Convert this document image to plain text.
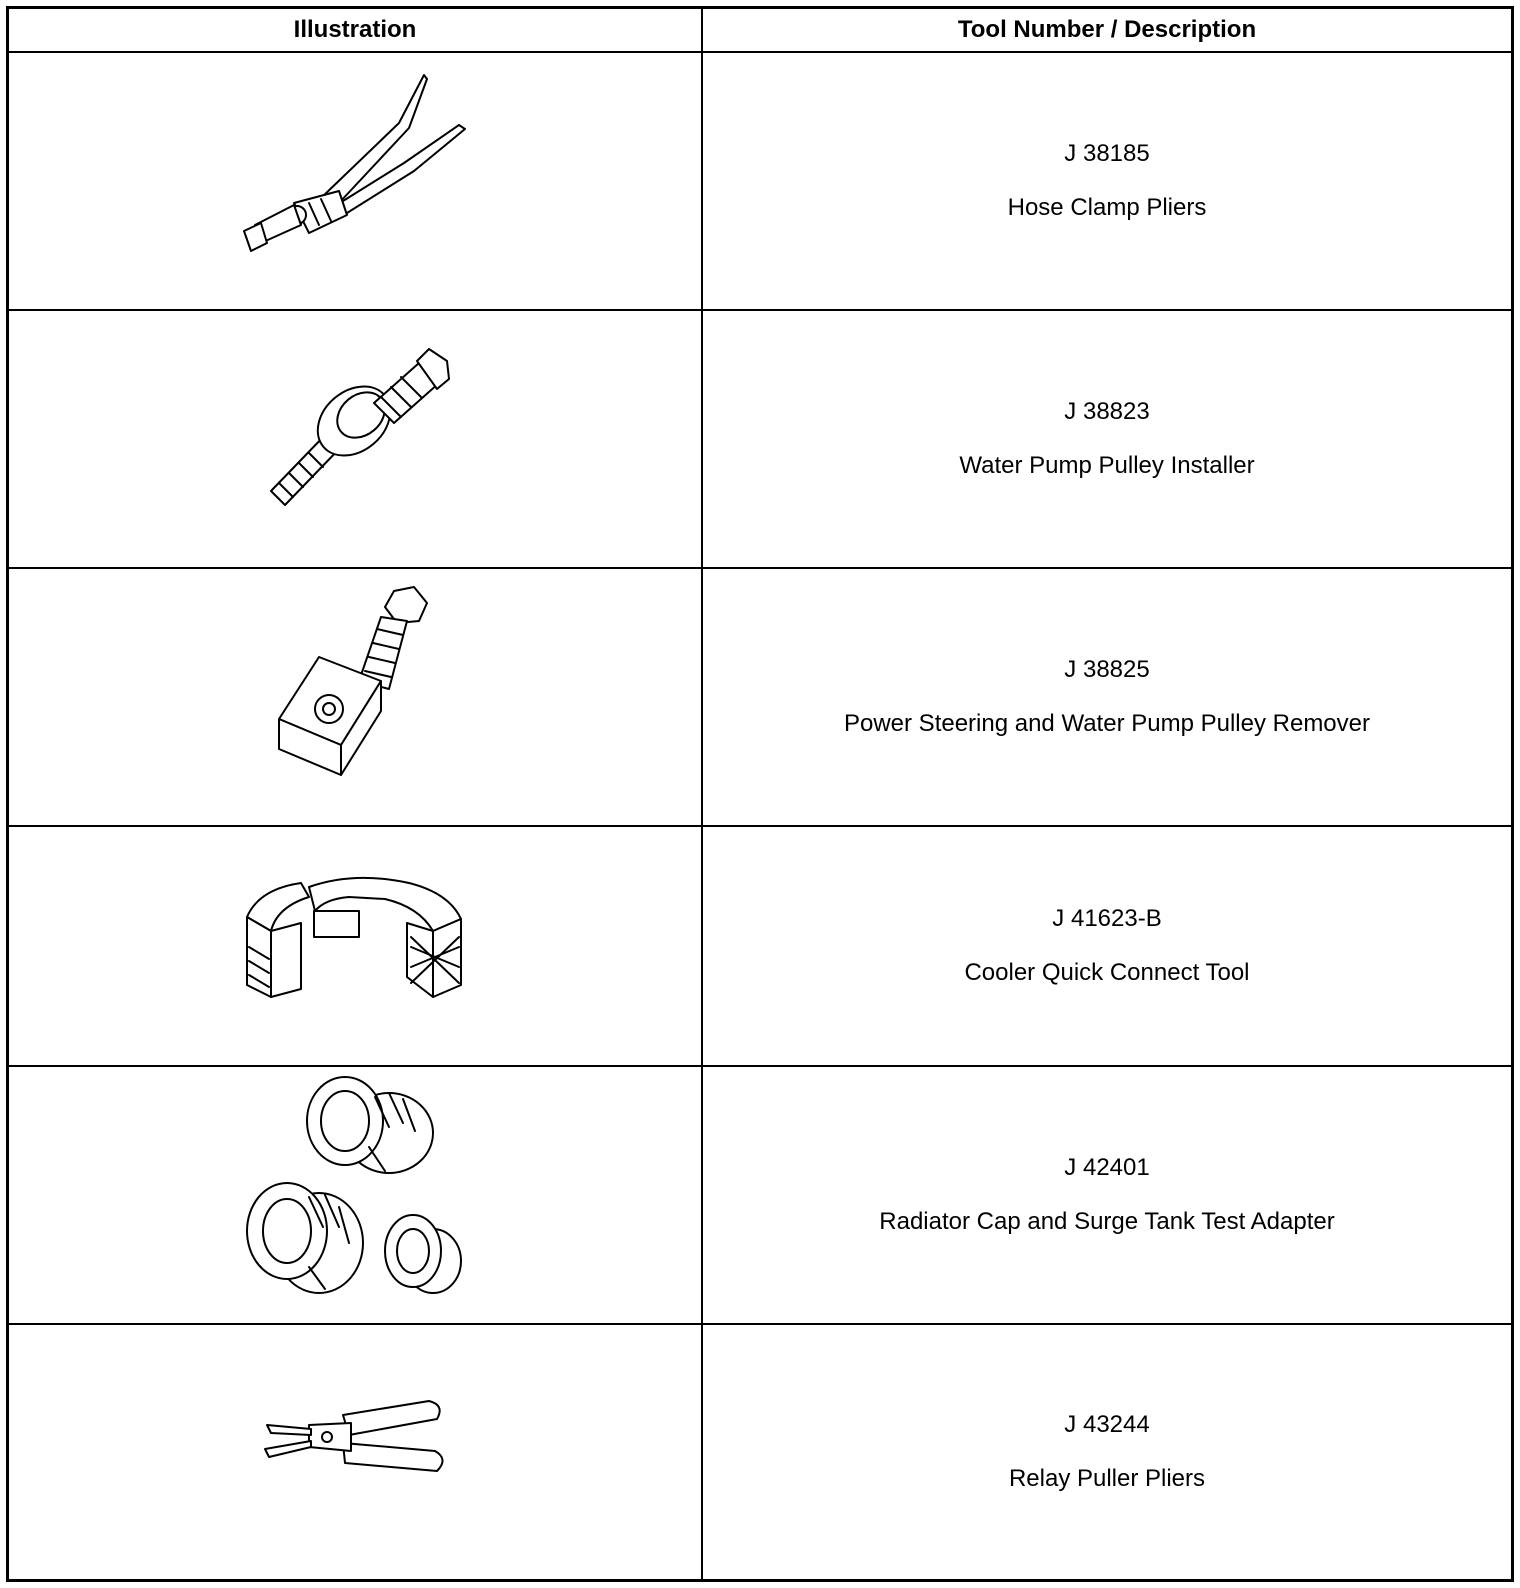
Illustration	Tool Number / Description
J 38185
Hose Clamp Pliers
J 38823
Water Pump Pulley Installer
J 38825
Power Steering and Water Pump Pulley Remover
J 41623-B
Cooler Quick Connect Tool
J 42401
Radiator Cap and Surge Tank Test Adapter
J 43244
Relay Puller Pliers
